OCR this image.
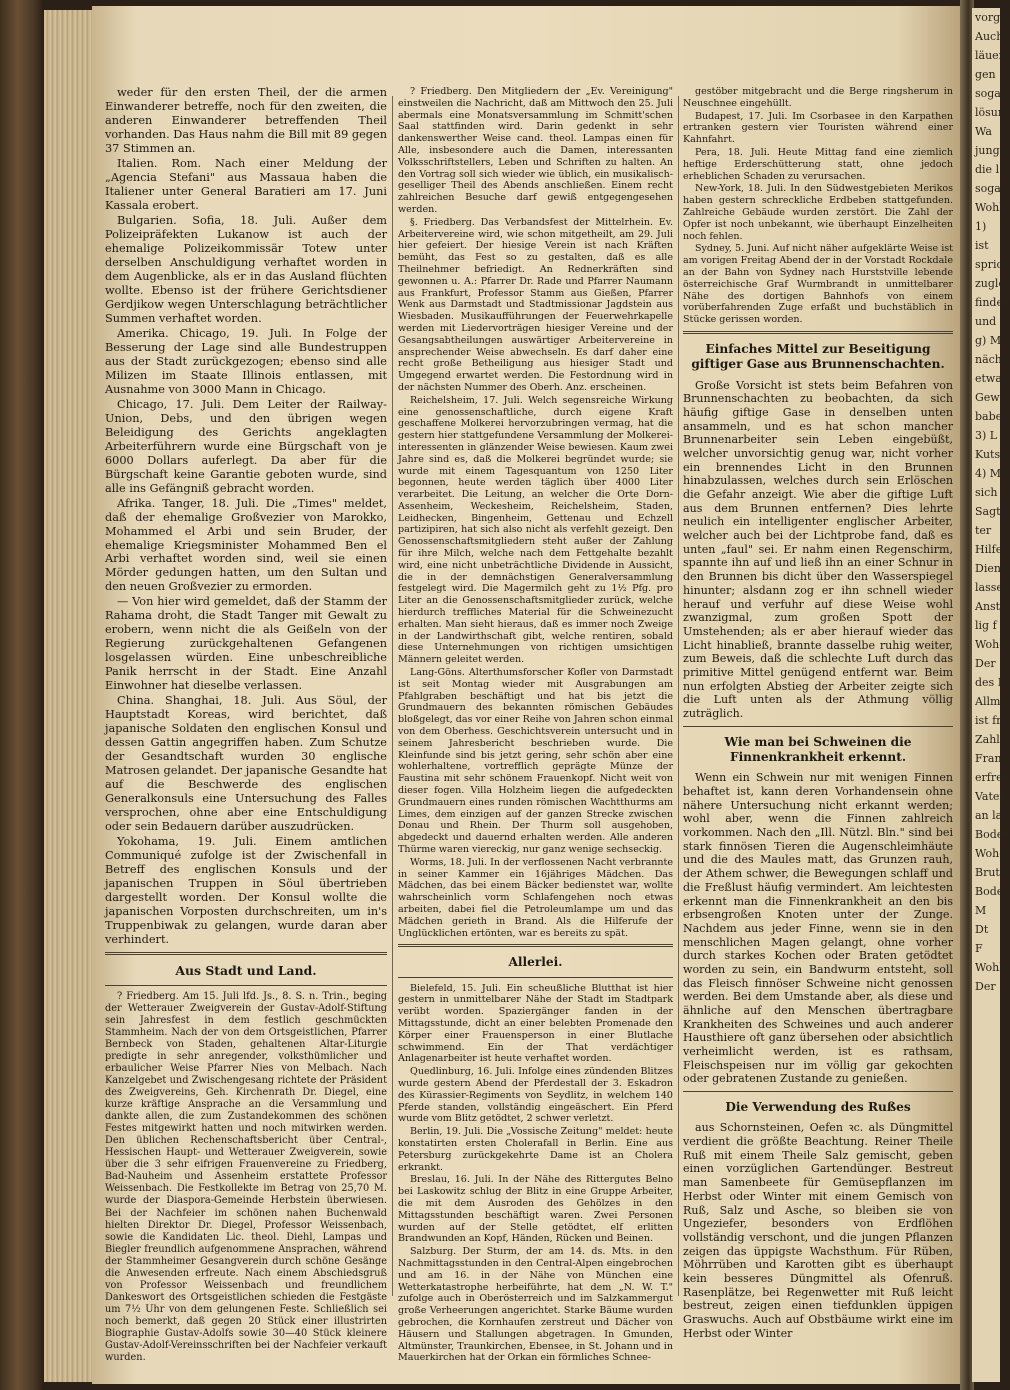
weder für den ersten Theil, der die armen Einwanderer betreffe, noch für den zweiten, die anderen Einwanderer betreffenden Theil vorhanden. Das Haus nahm die Bill mit 89 gegen 37 Stimmen an.

Italien. Rom. Nach einer Meldung der „Agencia Stefani" aus Massaua haben die Italiener unter General Baratieri am 17. Juni Kassala erobert.

Bulgarien. Sofia, 18. Juli. Außer dem Polizeipräfekten Lukanow ist auch der ehemalige Polizeikommissär Totew unter derselben Anschuldigung verhaftet worden in dem Augenblicke, als er in das Ausland flüchten wollte. Ebenso ist der frühere Gerichtsdiener Gerdjikow wegen Unterschlagung beträchtlicher Summen verhaftet worden.

Amerika. Chicago, 19. Juli. In Folge der Besserung der Lage sind alle Bundestruppen aus der Stadt zurückgezogen; ebenso sind alle Milizen im Staate Illinois entlassen, mit Ausnahme von 3000 Mann in Chicago.

Chicago, 17. Juli. Dem Leiter der Railway-Union, Debs, und den übrigen wegen Beleidigung des Gerichts angeklagten Arbeiterführern wurde eine Bürgschaft von je 6000 Dollars auferlegt. Da aber für die Bürgschaft keine Garantie geboten wurde, sind alle ins Gefängniß gebracht worden.

Afrika. Tanger, 18. Juli. Die „Times" meldet, daß der ehemalige Großvezier von Marokko, Mohammed el Arbi und sein Bruder, der ehemalige Kriegsminister Mohammed Ben el Arbi verhaftet worden sind, weil sie einen Mörder gedungen hatten, um den Sultan und den neuen Großvezier zu ermorden.

— Von hier wird gemeldet, daß der Stamm der Rahama droht, die Stadt Tanger mit Gewalt zu erobern, wenn nicht die als Geißeln von der Regierung zurückgehaltenen Gefangenen losgelassen würden. Eine unbeschreibliche Panik herrscht in der Stadt. Eine Anzahl Einwohner hat dieselbe verlassen.

China. Shanghai, 18. Juli. Aus Söul, der Hauptstadt Koreas, wird berichtet, daß japanische Soldaten den englischen Konsul und dessen Gattin angegriffen haben. Zum Schutze der Gesandtschaft wurden 30 englische Matrosen gelandet. Der japanische Gesandte hat auf die Beschwerde des englischen Generalkonsuls eine Untersuchung des Falles versprochen, ohne aber eine Entschuldigung oder sein Bedauern darüber auszudrücken.

Yokohama, 19. Juli. Einem amtlichen Communiqué zufolge ist der Zwischenfall in Betreff des englischen Konsuls und der japanischen Truppen in Söul übertrieben dargestellt worden. Der Konsul wollte die japanischen Vorposten durchschreiten, um in's Truppenbiwak zu gelangen, wurde daran aber verhindert.

Aus Stadt und Land.

? Friedberg. Am 15. Juli lfd. Js., 8. S. n. Trin., beging der Wetterauer Zweigverein der Gustav-Adolf-Stiftung sein Jahresfest in dem festlich geschmückten Stammheim. Nach der von dem Ortsgeistlichen, Pfarrer Bernbeck von Staden, gehaltenen Altar-Liturgie predigte in sehr anregender, volksthümlicher und erbaulicher Weise Pfarrer Nies von Melbach. Nach Kanzelgebet und Zwischengesang richtete der Präsident des Zweigvereins, Geh. Kirchenrath Dr. Diegel, eine kurze kräftige Ansprache an die Versammlung und dankte allen, die zum Zustandekommen des schönen Festes mitgewirkt hatten und noch mitwirken werden. Den üblichen Rechenschaftsbericht über Central-, Hessischen Haupt- und Wetterauer Zweigverein, sowie über die 3 sehr eifrigen Frauenvereine zu Friedberg, Bad-Nauheim und Assenheim erstattete Professor Weissenbach. Die Festkollekte im Betrag von 25,70 M. wurde der Diaspora-Gemeinde Herbstein überwiesen. Bei der Nachfeier im schönen nahen Buchenwald hielten Direktor Dr. Diegel, Professor Weissenbach, sowie die Kandidaten Lic. theol. Diehl, Lampas und Biegler freundlich aufgenommene Ansprachen, während der Stammheimer Gesangverein durch schöne Gesänge die Anwesenden erfreute. Nach einem Abschiedsgruß von Professor Weissenbach und freundlichem Dankeswort des Ortsgeistlichen schieden die Festgäste um 7½ Uhr von dem gelungenen Feste. Schließlich sei noch bemerkt, daß gegen 20 Stück einer illustrirten Biographie Gustav-Adolfs sowie 30—40 Stück kleinere Gustav-Adolf-Vereinsschriften bei der Nachfeier verkauft wurden.

? Friedberg. Den Mitgliedern der „Ev. Vereinigung" einstweilen die Nachricht, daß am Mittwoch den 25. Juli abermals eine Monatsversammlung im Schmitt'schen Saal stattfinden wird. Darin gedenkt in sehr dankenswerther Weise cand. theol. Lampas einen für Alle, insbesondere auch die Damen, interessanten Volksschriftstellers, Leben und Schriften zu halten. An den Vortrag soll sich wieder wie üblich, ein musikalisch-geselliger Theil des Abends anschließen. Einem recht zahlreichen Besuche darf gewiß entgegengesehen werden.

§. Friedberg. Das Verbandsfest der Mittelrhein. Ev. Arbeitervereine wird, wie schon mitgetheilt, am 29. Juli hier gefeiert. Der hiesige Verein ist nach Kräften bemüht, das Fest so zu gestalten, daß es alle Theilnehmer befriedigt. An Rednerkräften sind gewonnen u. A.: Pfarrer Dr. Rade und Pfarrer Naumann aus Frankfurt, Professor Stamm aus Gießen, Pfarrer Wenk aus Darmstadt und Stadtmissionar Jagdstein aus Wiesbaden. Musikaufführungen der Feuerwehrkapelle werden mit Liedervorträgen hiesiger Vereine und der Gesangsabtheilungen auswärtiger Arbeitervereine in ansprechender Weise abwechseln. Es darf daher eine recht große Betheiligung aus hiesiger Stadt und Umgegend erwartet werden. Die Festordnung wird in der nächsten Nummer des Oberh. Anz. erscheinen.

Reichelsheim, 17. Juli. Welch segensreiche Wirkung eine genossenschaftliche, durch eigene Kraft geschaffene Molkerei hervorzubringen vermag, hat die gestern hier stattgefundene Versammlung der Molkerei-interessenten in glänzender Weise bewiesen. Kaum zwei Jahre sind es, daß die Molkerei begründet wurde; sie wurde mit einem Tagesquantum von 1250 Liter begonnen, heute werden täglich über 4000 Liter verarbeitet. Die Leitung, an welcher die Orte Dorn-Assenheim, Weckesheim, Reichelsheim, Staden, Leidhecken, Bingenheim, Gettenau und Echzell partizipiren, hat sich also nicht als verfehlt gezeigt. Den Genossenschaftsmitgliedern steht außer der Zahlung für ihre Milch, welche nach dem Fettgehalte bezahlt wird, eine nicht unbeträchtliche Dividende in Aussicht, die in der demnächstigen Generalversammlung festgelegt wird. Die Magermilch geht zu 1½ Pfg. pro Liter an die Genossenschaftsmitglieder zurück, welche hierdurch treffliches Material für die Schweinezucht erhalten. Man sieht hieraus, daß es immer noch Zweige in der Landwirthschaft gibt, welche rentiren, sobald diese Unternehmungen von richtigen umsichtigen Männern geleitet werden.

Lang-Göns. Alterthumsforscher Kofler von Darmstadt ist seit Montag wieder mit Ausgrabungen am Pfahlgraben beschäftigt und hat bis jetzt die Grundmauern des bekannten römischen Gebäudes bloßgelegt, das vor einer Reihe von Jahren schon einmal von dem Oberhess. Geschichtsverein untersucht und in seinem Jahresbericht beschrieben wurde. Die Kleinfunde sind bis jetzt gering, sehr schön aber eine wohlerhaltene, vortrefflich geprägte Münze der Faustina mit sehr schönem Frauenkopf. Nicht weit von dieser fogen. Villa Holzheim liegen die aufgedeckten Grundmauern eines runden römischen Wachtthurms am Limes, dem einzigen auf der ganzen Strecke zwischen Donau und Rhein. Der Thurm soll ausgehoben, abgedeckt und dauernd erhalten werden. Alle anderen Thürme waren viereckig, nur ganz wenige sechseckig.

Worms, 18. Juli. In der verflossenen Nacht verbrannte in seiner Kammer ein 16jähriges Mädchen. Das Mädchen, das bei einem Bäcker bedienstet war, wollte wahrscheinlich vorm Schlafengehen noch etwas arbeiten, dabei fiel die Petroleumlampe um und das Mädchen gerieth in Brand. Als die Hilferufe der Unglücklichen ertönten, war es bereits zu spät.

Allerlei.

Bielefeld, 15. Juli. Ein scheußliche Blutthat ist hier gestern in unmittelbarer Nähe der Stadt im Stadtpark verübt worden. Spaziergänger fanden in der Mittagsstunde, dicht an einer belebten Promenade den Körper einer Frauensperson in einer Blutlache schwimmend. Ein der That verdächtiger Anlagenarbeiter ist heute verhaftet worden.

Quedlinburg, 16. Juli. Infolge eines zündenden Blitzes wurde gestern Abend der Pferdestall der 3. Eskadron des Kürassier-Regiments von Seydlitz, in welchem 140 Pferde standen, vollständig eingeäschert. Ein Pferd wurde vom Blitz getödtet, 2 schwer verletzt.

Berlin, 19. Juli. Die „Vossische Zeitung" meldet: heute konstatirten ersten Cholerafall in Berlin. Eine aus Petersburg zurückgekehrte Dame ist an Cholera erkrankt.

Breslau, 16. Juli. In der Nähe des Rittergutes Belno bei Laskowitz schlug der Blitz in eine Gruppe Arbeiter, die mit dem Ausroden des Gehölzes in den Mittagsstunden beschäftigt waren. Zwei Personen wurden auf der Stelle getödtet, elf erlitten Brandwunden an Kopf, Händen, Rücken und Beinen.

Salzburg. Der Sturm, der am 14. ds. Mts. in den Nachmittagsstunden in den Central-Alpen eingebrochen und am 16. in der Nähe von München eine Wetterkatastrophe herbeiführte, hat dem „N. W. T." zufolge auch in Oberösterreich und im Salzkammergut große Verheerungen angerichtet. Starke Bäume wurden gebrochen, die Kornhaufen zerstreut und Dächer von Häusern und Stallungen abgetragen. In Gmunden, Altmünster, Traunkirchen, Ebensee, in St. Johann und in Mauerkirchen hat der Orkan ein förmliches Schnee-

gestöber mitgebracht und die Berge ringsherum in Neuschnee eingehüllt.

Budapest, 17. Juli. Im Csorbasee in den Karpathen ertranken gestern vier Touristen während einer Kahnfahrt.

Pera, 18. Juli. Heute Mittag fand eine ziemlich heftige Erderschütterung statt, ohne jedoch erheblichen Schaden zu verursachen.

New-York, 18. Juli. In den Südwestgebieten Merikos haben gestern schreckliche Erdbeben stattgefunden. Zahlreiche Gebäude wurden zerstört. Die Zahl der Opfer ist noch unbekannt, wie überhaupt Einzelheiten noch fehlen.

Sydney, 5. Juni. Auf nicht näher aufgeklärte Weise ist am vorigen Freitag Abend der in der Vorstadt Rockdale an der Bahn von Sydney nach Hurststville lebende österreichische Graf Wurmbrandt in unmittelbarer Nähe des dortigen Bahnhofs von einem vorüberfahrenden Zuge erfaßt und buchstäblich in Stücke gerissen worden.

Einfaches Mittel zur Beseitigung giftiger Gase aus Brunnenschachten.

Große Vorsicht ist stets beim Befahren von Brunnenschachten zu beobachten, da sich häufig giftige Gase in denselben unten ansammeln, und es hat schon mancher Brunnenarbeiter sein Leben eingebüßt, welcher unvorsichtig genug war, nicht vorher ein brennendes Licht in den Brunnen hinabzulassen, welches durch sein Erlöschen die Gefahr anzeigt. Wie aber die giftige Luft aus dem Brunnen entfernen? Dies lehrte neulich ein intelligenter englischer Arbeiter, welcher auch bei der Lichtprobe fand, daß es unten „faul" sei. Er nahm einen Regenschirm, spannte ihn auf und ließ ihn an einer Schnur in den Brunnen bis dicht über den Wasserspiegel hinunter; alsdann zog er ihn schnell wieder herauf und verfuhr auf diese Weise wohl zwanzigmal, zum großen Spott der Umstehenden; als er aber hierauf wieder das Licht hinabließ, brannte dasselbe ruhig weiter, zum Beweis, daß die schlechte Luft durch das primitive Mittel genügend entfernt war. Beim nun erfolgten Abstieg der Arbeiter zeigte sich die Luft unten als der Athmung völlig zuträglich.

Wie man bei Schweinen die Finnenkrankheit erkennt.

Wenn ein Schwein nur mit wenigen Finnen behaftet ist, kann deren Vorhandensein ohne nähere Untersuchung nicht erkannt werden; wohl aber, wenn die Finnen zahlreich vorkommen. Nach den „Ill. Nützl. Bln." sind bei stark finnösen Tieren die Augenschleimhäute und die des Maules matt, das Grunzen rauh, der Athem schwer, die Bewegungen schlaff und die Freßlust häufig vermindert. Am leichtesten erkennt man die Finnenkrankheit an den bis erbsengroßen Knoten unter der Zunge. Nachdem aus jeder Finne, wenn sie in den menschlichen Magen gelangt, ohne vorher durch starkes Kochen oder Braten getödtet worden zu sein, ein Bandwurm entsteht, soll das Fleisch finnöser Schweine nicht genossen werden. Bei dem Umstande aber, als diese und ähnliche auf den Menschen übertragbare Krankheiten des Schweines und auch anderer Hausthiere oft ganz übersehen oder absichtlich verheimlicht werden, ist es rathsam, Fleischspeisen nur im völlig gar gekochten oder gebratenen Zustande zu genießen.

Die Verwendung des Rußes

aus Schornsteinen, Oefen ꝛc. als Düngmittel verdient die größte Beachtung. Reiner Theile Ruß mit einem Theile Salz gemischt, geben einen vorzüglichen Gartendünger. Bestreut man Samenbeete für Gemüsepflanzen im Herbst oder Winter mit einem Gemisch von Ruß, Salz und Asche, so bleiben sie von Ungeziefer, besonders von Erdflöhen vollständig verschont, und die jungen Pflanzen zeigen das üppigste Wachsthum. Für Rüben, Möhrrüben und Karotten gibt es überhaupt kein besseres Düngmittel als Ofenruß. Rasenplätze, bei Regenwetter mit Ruß leicht bestreut, zeigen einen tiefdunklen üppigen Graswuchs. Auch auf Obstbäume wirkt eine im Herbst oder Winter

vorge
Auch
läuer
gen
sogar
lösun
Wa
junge
die l
sogar
Wohl
1)
ist
sprich
zugle
finden
und
g) M
nächt
etwa
Gewi
babe
3) L
Kutsc
4) M
sich
Sagt
ter
Hilfe
Dienſ
lassen
Ansta
lig f
Wohe
Der
des L
Allmö
ist fr
Zahl
Franz
erfreu
Vater
an la
Boden
Wohe
Bruta
Bode
M
Dt
F
Wohl
Der
